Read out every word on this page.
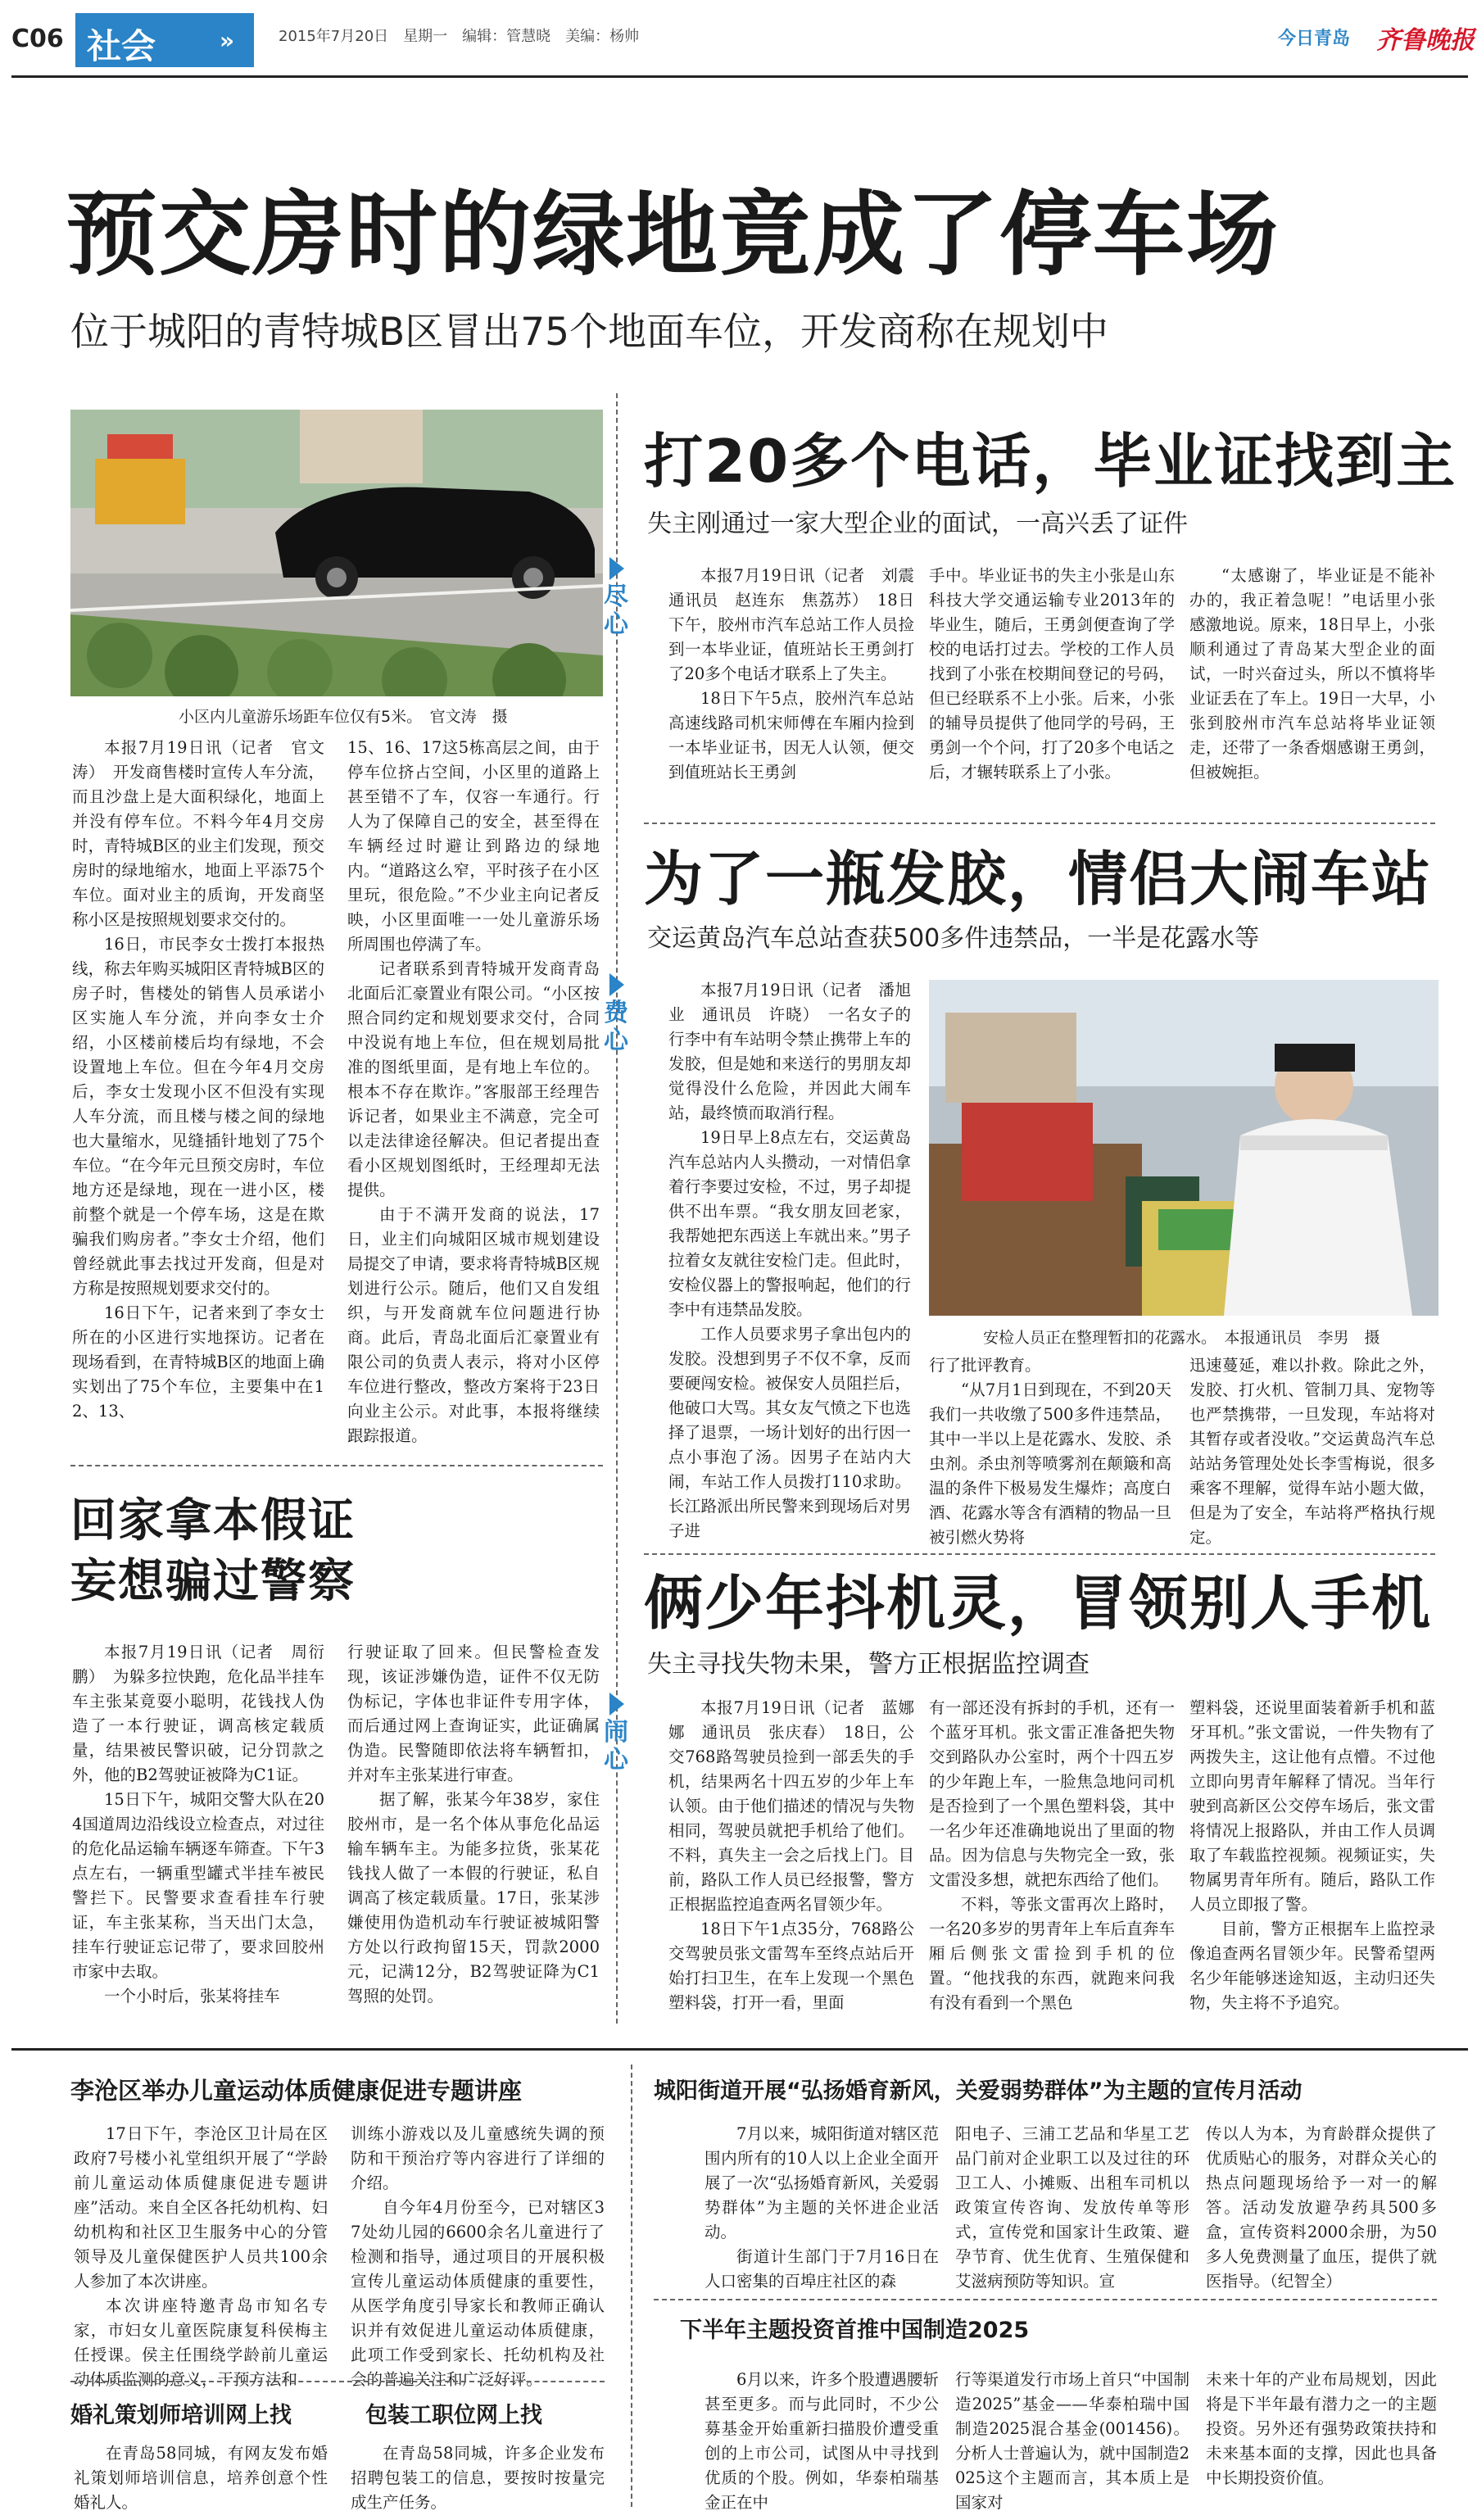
C06 社会	»	2015年7月20日　星期一　编辑：管慧晓　美编：杨帅	今日青岛 齐鲁晚报
预交房时的绿地竟成了停车场
位于城阳的青特城B区冒出75个地面车位，开发商称在规划中
小区内儿童游乐场距车位仅有5米。　官文涛　摄

本报7月19日讯（记者　官文涛）　开发商售楼时宣传人车分流，而且沙盘上是大面积绿化，地面上并没有停车位。不料今年4月交房时，青特城B区的业主们发现，预交房时的绿地缩水，地面上平添75个车位。面对业主的质询，开发商坚称小区是按照规划要求交付的。

16日，市民李女士拨打本报热线，称去年购买城阳区青特城B区的房子时，售楼处的销售人员承诺小区实施人车分流，并向李女士介绍，小区楼前楼后均有绿地，不会设置地上车位。但在今年4月交房后，李女士发现小区不但没有实现人车分流，而且楼与楼之间的绿地也大量缩水，见缝插针地划了75个车位。“在今年元旦预交房时，车位地方还是绿地，现在一进小区，楼前整个就是一个停车场，这是在欺骗我们购房者。”李女士介绍，他们曾经就此事去找过开发商，但是对方称是按照规划要求交付的。

16日下午，记者来到了李女士所在的小区进行实地探访。记者在现场看到，在青特城B区的地面上确实划出了75个车位，主要集中在12、13、

15、16、17这5栋高层之间，由于停车位挤占空间，小区里的道路上甚至错不了车，仅容一车通行。行人为了保障自己的安全，甚至得在车辆经过时避让到路边的绿地内。“道路这么窄，平时孩子在小区里玩，很危险。”不少业主向记者反映，小区里面唯一一处儿童游乐场所周围也停满了车。

记者联系到青特城开发商青岛北面后汇豪置业有限公司。“小区按照合同约定和规划要求交付，合同中没说有地上车位，但在规划局批准的图纸里面，是有地上车位的。根本不存在欺诈。”客服部王经理告诉记者，如果业主不满意，完全可以走法律途径解决。但记者提出查看小区规划图纸时，王经理却无法提供。

由于不满开发商的说法，17日，业主们向城阳区城市规划建设局提交了申请，要求将青特城B区规划进行公示。随后，他们又自发组织，与开发商就车位问题进行协商。此后，青岛北面后汇豪置业有限公司的负责人表示，将对小区停车位进行整改，整改方案将于23日向业主公示。对此事，本报将继续跟踪报道。

回家拿本假证
妄想骗过警察

本报7月19日讯（记者　周衍鹏）　为躲多拉快跑，危化品半挂车车主张某竟耍小聪明，花钱找人伪造了一本行驶证，调高核定载质量，结果被民警识破，记分罚款之外，他的B2驾驶证被降为C1证。

15日下午，城阳交警大队在204国道周边沿线设立检查点，对过往的危化品运输车辆逐车筛查。下午3点左右，一辆重型罐式半挂车被民警拦下。民警要求查看挂车行驶证，车主张某称，当天出门太急，挂车行驶证忘记带了，要求回胶州市家中去取。

一个小时后，张某将挂车

行驶证取了回来。但民警检查发现，该证涉嫌伪造，证件不仅无防伪标记，字体也非证件专用字体，而后通过网上查询证实，此证确属伪造。民警随即依法将车辆暂扣，并对车主张某进行审查。

据了解，张某今年38岁，家住胶州市，是一名个体从事危化品运输车辆车主。为能多拉货，张某花钱找人做了一本假的行驶证，私自调高了核定载质量。17日，张某涉嫌使用伪造机动车行驶证被城阳警方处以行政拘留15天，罚款2000元，记满12分，B2驾驶证降为C1驾照的处罚。

打20多个电话，毕业证找到主
失主刚通过一家大型企业的面试，一高兴丢了证件
尽心

本报7月19日讯（记者　刘震　通讯员　赵连东　焦荔苏）　18日下午，胶州市汽车总站工作人员捡到一本毕业证，值班站长王勇剑打了20多个电话才联系上了失主。

18日下午5点，胶州汽车总站高速线路司机宋师傅在车厢内捡到一本毕业证书，因无人认领，便交到值班站长王勇剑

手中。毕业证书的失主小张是山东科技大学交通运输专业2013年的毕业生，随后，王勇剑便查询了学校的电话打过去。学校的工作人员找到了小张在校期间登记的号码，但已经联系不上小张。后来，小张的辅导员提供了他同学的号码，王勇剑一个个问，打了20多个电话之后，才辗转联系上了小张。

“太感谢了，毕业证是不能补办的，我正着急呢！”电话里小张感激地说。原来，18日早上，小张顺利通过了青岛某大型企业的面试，一时兴奋过头，所以不慎将毕业证丢在了车上。19日一大早，小张到胶州市汽车总站将毕业证领走，还带了一条香烟感谢王勇剑，但被婉拒。

为了一瓶发胶，情侣大闹车站
交运黄岛汽车总站查获500多件违禁品，一半是花露水等
费心

本报7月19日讯（记者　潘旭业　通讯员　许晓）　一名女子的行李中有车站明令禁止携带上车的发胶，但是她和来送行的男朋友却觉得没什么危险，并因此大闹车站，最终愤而取消行程。

19日早上8点左右，交运黄岛汽车总站内人头攒动，一对情侣拿着行李要过安检，不过，男子却提供不出车票。“我女朋友回老家，我帮她把东西送上车就出来。”男子拉着女友就往安检门走。但此时，安检仪器上的警报响起，他们的行李中有违禁品发胶。

工作人员要求男子拿出包内的发胶。没想到男子不仅不拿，反而要硬闯安检。被保安人员阻拦后，他破口大骂。其女友气愤之下也选择了退票，一场计划好的出行因一点小事泡了汤。因男子在站内大闹，车站工作人员拨打110求助。长江路派出所民警来到现场后对男子进

安检人员正在整理暂扣的花露水。　本报通讯员　李男　摄

行了批评教育。

“从7月1日到现在，不到20天我们一共收缴了500多件违禁品，其中一半以上是花露水、发胶、杀虫剂。杀虫剂等喷雾剂在颠簸和高温的条件下极易发生爆炸；高度白酒、花露水等含有酒精的物品一旦被引燃火势将

迅速蔓延，难以扑救。除此之外，发胶、打火机、管制刀具、宠物等也严禁携带，一旦发现，车站将对其暂存或者没收。”交运黄岛汽车总站站务管理处处长李雪梅说，很多乘客不理解，觉得车站小题大做，但是为了安全，车站将严格执行规定。

俩少年抖机灵，冒领别人手机
失主寻找失物未果，警方正根据监控调查
闹心

本报7月19日讯（记者　蓝娜娜　通讯员　张庆春）　18日，公交768路驾驶员捡到一部丢失的手机，结果两名十四五岁的少年上车认领。由于他们描述的情况与失物相同，驾驶员就把手机给了他们。不料，真失主一会之后找上门。目前，路队工作人员已经报警，警方正根据监控追查两名冒领少年。

18日下午1点35分，768路公交驾驶员张文雷驾车至终点站后开始打扫卫生，在车上发现一个黑色塑料袋，打开一看，里面

有一部还没有拆封的手机，还有一个蓝牙耳机。张文雷正准备把失物交到路队办公室时，两个十四五岁的少年跑上车，一脸焦急地问司机是否捡到了一个黑色塑料袋，其中一名少年还准确地说出了里面的物品。因为信息与失物完全一致，张文雷没多想，就把东西给了他们。

不料，等张文雷再次上路时，一名20多岁的男青年上车后直奔车厢后侧张文雷捡到手机的位置。“他找我的东西，就跑来问我有没有看到一个黑色

塑料袋，还说里面装着新手机和蓝牙耳机。”张文雷说，一件失物有了两拨失主，这让他有点懵。不过他立即向男青年解释了情况。当年行驶到高新区公交停车场后，张文雷将情况上报路队，并由工作人员调取了车载监控视频。视频证实，失物属男青年所有。随后，路队工作人员立即报了警。

目前，警方正根据车上监控录像追查两名冒领少年。民警希望两名少年能够迷途知返，主动归还失物，失主将不予追究。

李沧区举办儿童运动体质健康促进专题讲座

17日下午，李沧区卫计局在区政府7号楼小礼堂组织开展了“学龄前儿童运动体质健康促进专题讲座”活动。来自全区各托幼机构、妇幼机构和社区卫生服务中心的分管领导及儿童保健医护人员共100余人参加了本次讲座。

本次讲座特邀青岛市知名专家，市妇女儿童医院康复科侯梅主任授课。侯主任围绕学龄前儿童运动体质监测的意义，干预方法和

训练小游戏以及儿童感统失调的预防和干预治疗等内容进行了详细的介绍。

自今年4月份至今，已对辖区37处幼儿园的6600余名儿童进行了检测和指导，通过项目的开展积极宣传儿童运动体质健康的重要性，从医学角度引导家长和教师正确认识并有效促进儿童运动体质健康，此项工作受到家长、托幼机构及社会的普遍关注和广泛好评。

婚礼策划师培训网上找

在青岛58同城，有网友发布婚礼策划师培训信息，培养创意个性婚礼人。

包装工职位网上找

在青岛58同城，许多企业发布招聘包装工的信息，要按时按量完成生产任务。

城阳街道开展“弘扬婚育新风，关爱弱势群体”为主题的宣传月活动

7月以来，城阳街道对辖区范围内所有的10人以上企业全面开展了一次“弘扬婚育新风，关爱弱势群体”为主题的关怀进企业活动。

街道计生部门于7月16日在人口密集的百埠庄社区的森

阳电子、三浦工艺品和华星工艺品门前对企业职工以及过往的环卫工人、小摊贩、出租车司机以政策宣传咨询、发放传单等形式，宣传党和国家计生政策、避孕节育、优生优育、生殖保健和艾滋病预防等知识。宣

传以人为本，为育龄群众提供了优质贴心的服务，对群众关心的热点问题现场给予一对一的解答。活动发放避孕药具500多盒，宣传资料2000余册，为50多人免费测量了血压，提供了就医指导。（纪智全）

下半年主题投资首推中国制造2025

6月以来，许多个股遭遇腰斩甚至更多。而与此同时，不少公募基金开始重新扫描股价遭受重创的上市公司，试图从中寻找到优质的个股。例如，华泰柏瑞基金正在中

行等渠道发行市场上首只“中国制造2025”基金——华泰柏瑞中国制造2025混合基金(001456)。分析人士普遍认为，就中国制造2025这个主题而言，其本质上是国家对

未来十年的产业布局规划，因此将是下半年最有潜力之一的主题投资。另外还有强势政策扶持和未来基本面的支撑，因此也具备中长期投资价值。
